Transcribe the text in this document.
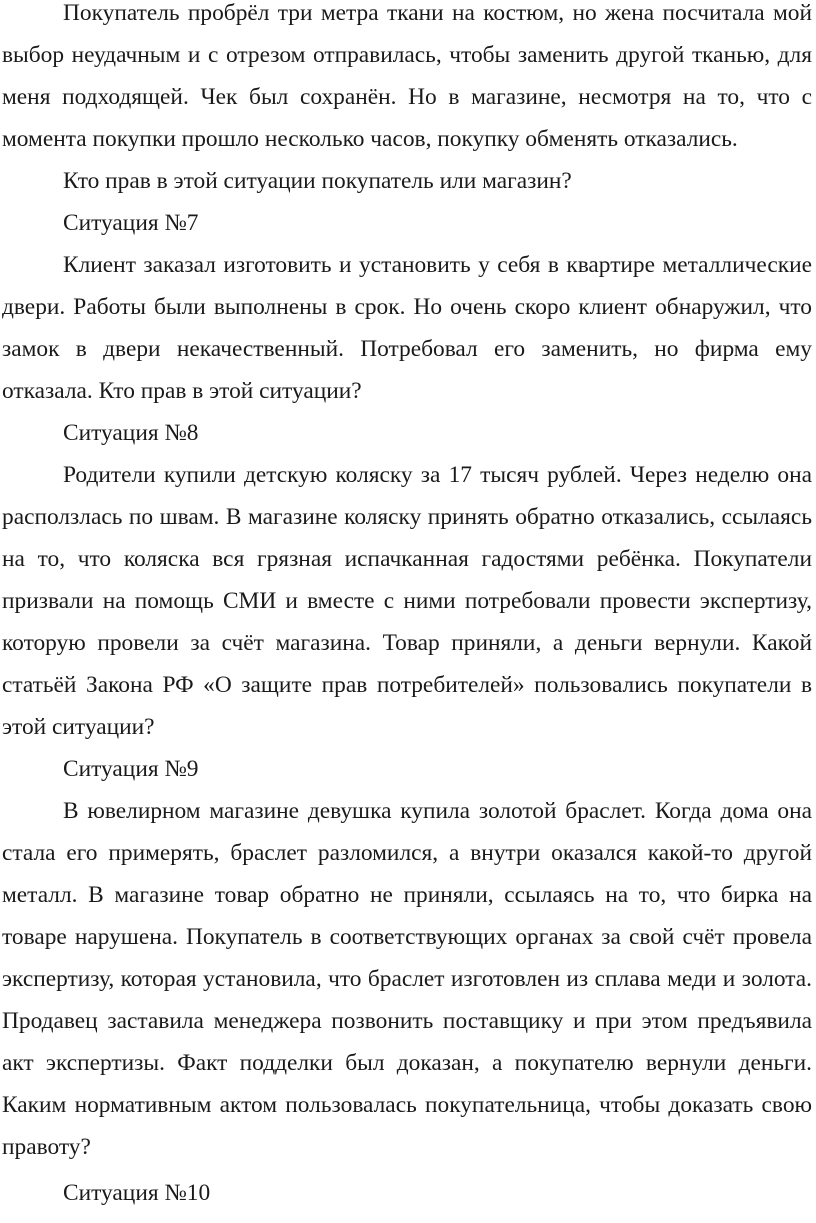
Покупатель пробрёл три метра ткани на костюм, но жена посчитала мой выбор неудачным и с отрезом отправилась, чтобы заменить другой тканью, для меня подходящей. Чек был сохранён. Но в магазине, несмотря на то, что с момента покупки прошло несколько часов, покупку обменять отказались.

Кто прав в этой ситуации покупатель или магазин?

Ситуация №7

Клиент заказал изготовить и установить у себя в квартире металлические двери. Работы были выполнены в срок. Но очень скоро клиент обнаружил, что замок в двери некачественный. Потребовал его заменить, но фирма ему отказала. Кто прав в этой ситуации?

Ситуация №8

Родители купили детскую коляску за 17 тысяч рублей. Через неделю она расползлась по швам. В магазине коляску принять обратно отказались, ссылаясь на то, что коляска вся грязная испачканная гадостями ребёнка. Покупатели призвали на помощь СМИ и вместе с ними потребовали провести экспертизу, которую провели за счёт магазина. Товар приняли, а деньги вернули. Какой статьёй Закона РФ «О защите прав потребителей» пользовались покупатели в этой ситуации?

Ситуация №9

В ювелирном магазине девушка купила золотой браслет. Когда дома она стала его примерять, браслет разломился, а внутри оказался какой-то другой металл. В магазине товар обратно не приняли, ссылаясь на то, что бирка на товаре нарушена. Покупатель в соответствующих органах за свой счёт провела экспертизу, которая установила, что браслет изготовлен из сплава меди и золота. Продавец заставила менеджера позвонить поставщику и при этом предъявила акт экспертизы. Факт подделки был доказан, а покупателю вернули деньги. Каким нормативным актом пользовалась покупательница, чтобы доказать свою правоту?

Ситуация №10
